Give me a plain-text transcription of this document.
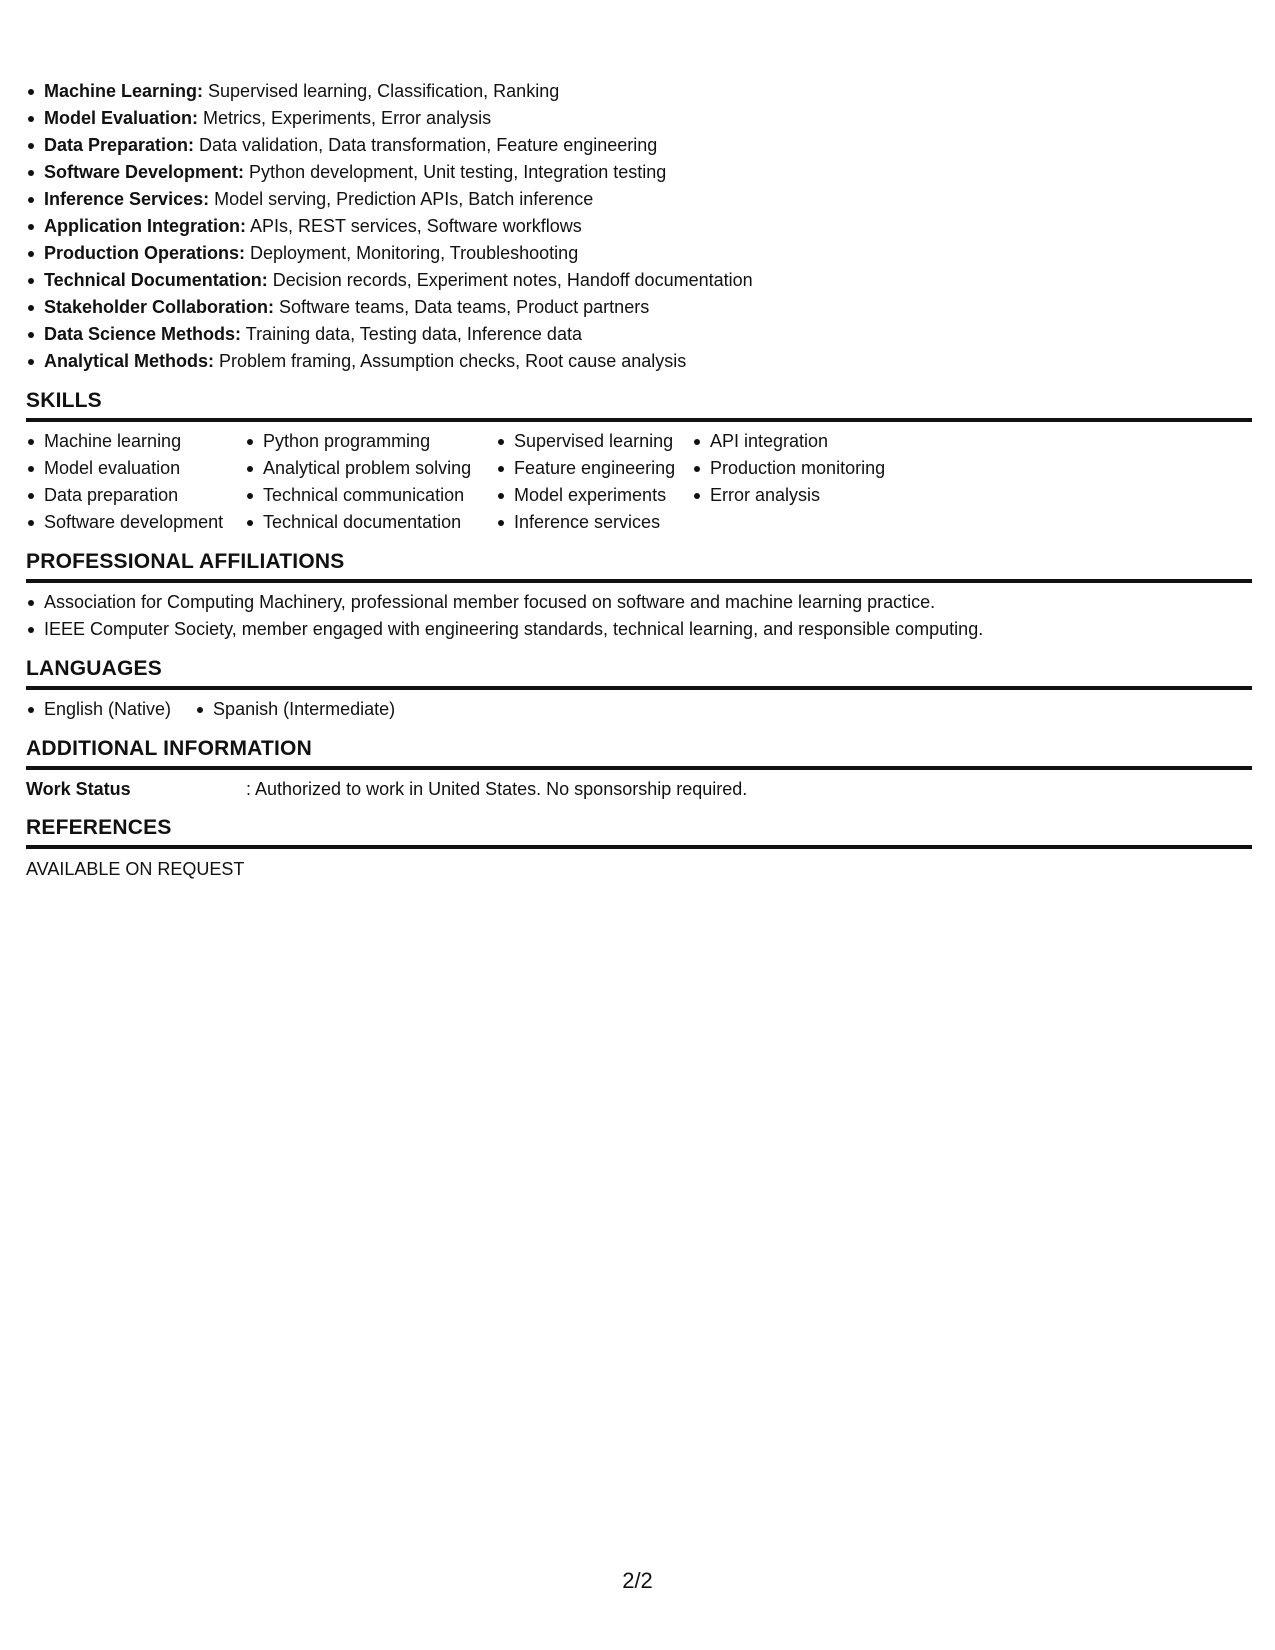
Machine Learning: Supervised learning, Classification, Ranking
Model Evaluation: Metrics, Experiments, Error analysis
Data Preparation: Data validation, Data transformation, Feature engineering
Software Development: Python development, Unit testing, Integration testing
Inference Services: Model serving, Prediction APIs, Batch inference
Application Integration: APIs, REST services, Software workflows
Production Operations: Deployment, Monitoring, Troubleshooting
Technical Documentation: Decision records, Experiment notes, Handoff documentation
Stakeholder Collaboration: Software teams, Data teams, Product partners
Data Science Methods: Training data, Testing data, Inference data
Analytical Methods: Problem framing, Assumption checks, Root cause analysis
SKILLS
Machine learning
Model evaluation
Data preparation
Software development
Python programming
Analytical problem solving
Technical communication
Technical documentation
Supervised learning
Feature engineering
Model experiments
Inference services
API integration
Production monitoring
Error analysis
PROFESSIONAL AFFILIATIONS
Association for Computing Machinery, professional member focused on software and machine learning practice.
IEEE Computer Society, member engaged with engineering standards, technical learning, and responsible computing.
LANGUAGES
English (Native)	Spanish (Intermediate)
ADDITIONAL INFORMATION
Work Status	: Authorized to work in United States. No sponsorship required.
REFERENCES
AVAILABLE ON REQUEST
2/2
